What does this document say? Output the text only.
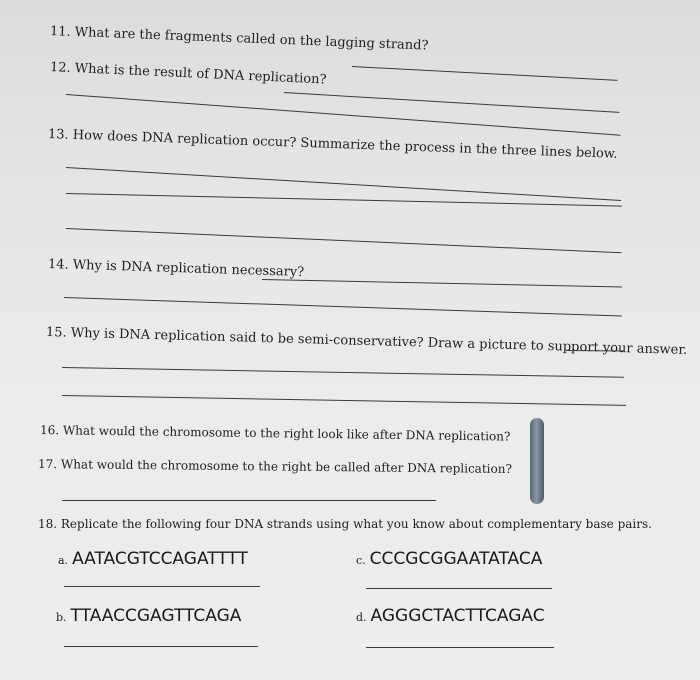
11. What are the fragments called on the lagging strand?
12. What is the result of DNA replication?
13. How does DNA replication occur? Summarize the process in the three lines below.
14. Why is DNA replication necessary?
15. Why is DNA replication said to be semi-conservative? Draw a picture to support your answer.
16. What would the chromosome to the right look like after DNA replication?
17. What would the chromosome to the right be called after DNA replication?
18. Replicate the following four DNA strands using what you know about complementary base pairs.
a. AATACGTCCAGATTTT	c. CCCGCGGAATATACA
b. TTAACCGAGTTCAGA	d. AGGGCTACTTCAGAC
